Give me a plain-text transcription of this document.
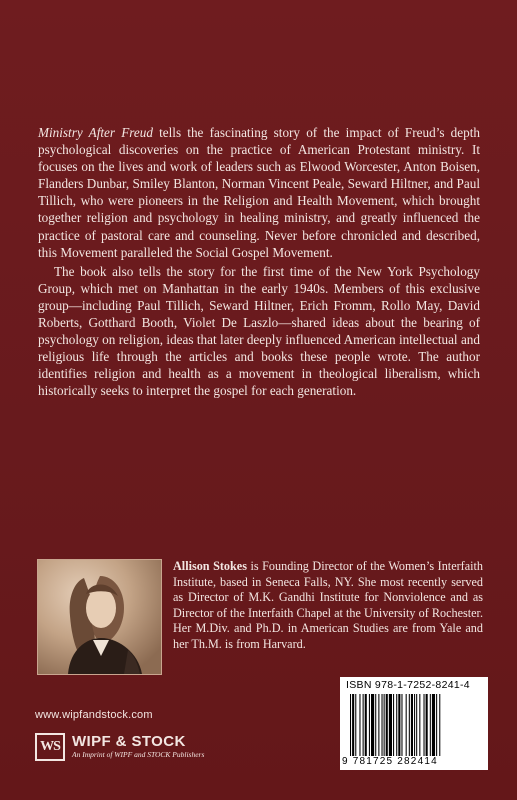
Ministry After Freud tells the fascinating story of the impact of Freud’s depth psychological discoveries on the practice of American Protestant ministry. It focuses on the lives and work of leaders such as Elwood Worcester, Anton Boisen, Flanders Dunbar, Smiley Blanton, Norman Vincent Peale, Seward Hiltner, and Paul Tillich, who were pioneers in the Religion and Health Movement, which brought together religion and psychology in healing ministry, and greatly influenced the practice of pastoral care and counseling. Never before chronicled and described, this Movement paralleled the Social Gospel Movement.

The book also tells the story for the first time of the New York Psychology Group, which met on Manhattan in the early 1940s. Members of this exclusive group—including Paul Tillich, Seward Hiltner, Erich Fromm, Rollo May, David Roberts, Gotthard Booth, Violet De Laszlo—shared ideas about the bearing of psychology on religion, ideas that later deeply influenced American intellectual and religious life through the articles and books these people wrote. The author identifies religion and health as a movement in theological liberalism, which historically seeks to interpret the gospel for each generation.

Allison Stokes is Founding Director of the Women’s Interfaith Institute, based in Seneca Falls, NY. She most recently served as Director of M.K. Gandhi Institute for Nonviolence and as Director of the Interfaith Chapel at the University of Rochester. Her M.Div. and Ph.D. in American Studies are from Yale and her Th.M. is from Harvard.
www.wipfandstock.com
WS WIPF & STOCK
An Imprint of WIPF and STOCK Publishers
ISBN 978-1-7252-8241-4
9 781725 282414
